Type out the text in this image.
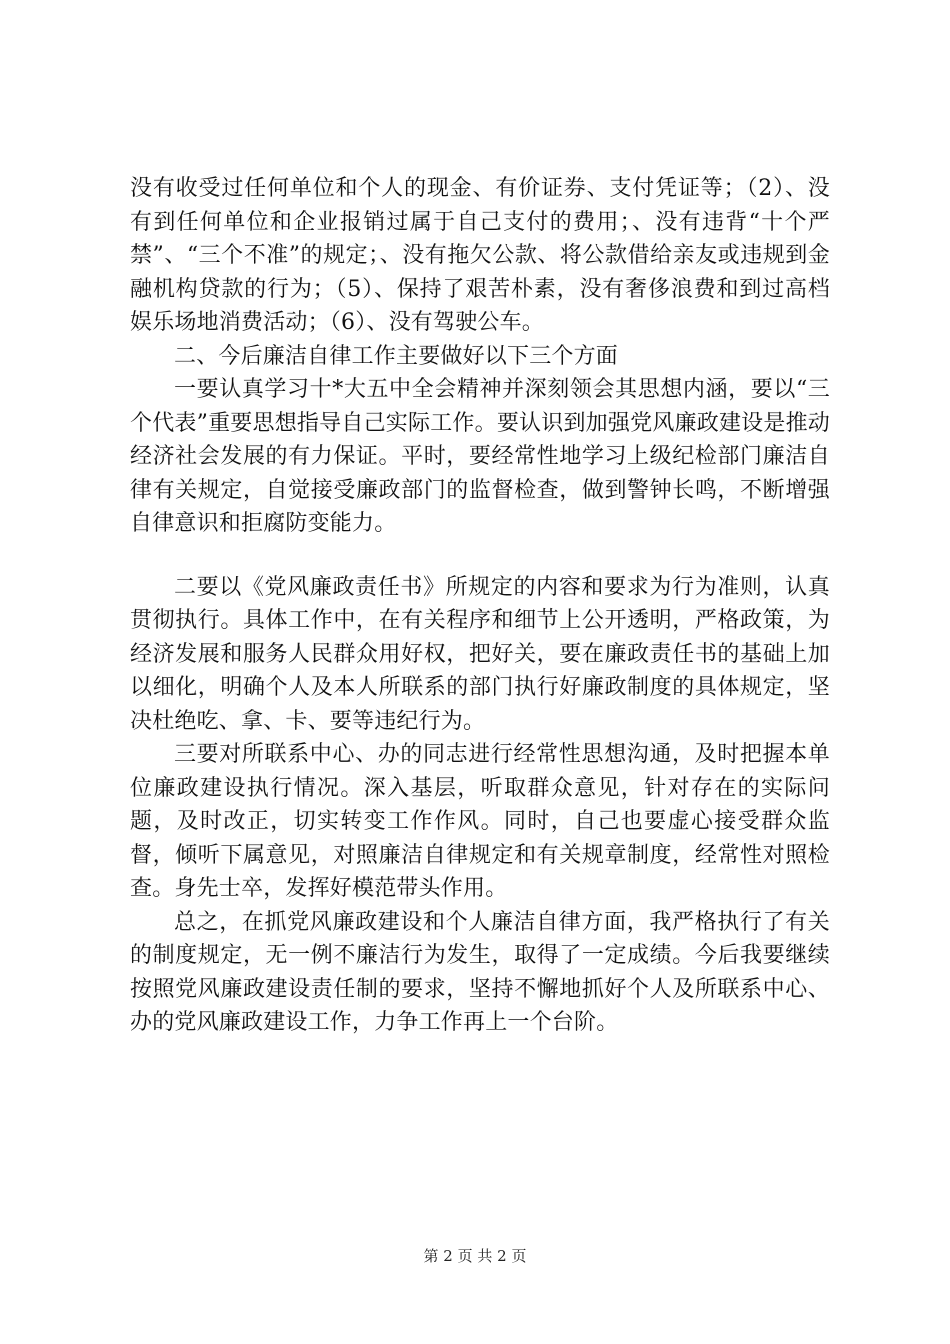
没有收受过任何单位和个人的现金、有价证券、支付凭证等；（2）、没有到任何单位和企业报销过属于自己支付的费用；、没有违背“十个严禁”、“三个不准”的规定；、没有拖欠公款、将公款借给亲友或违规到金融机构贷款的行为；（5）、保持了艰苦朴素，没有奢侈浪费和到过高档娱乐场地消费活动；（6）、没有驾驶公车。

二、今后廉洁自律工作主要做好以下三个方面

一要认真学习十*大五中全会精神并深刻领会其思想内涵，要以“三个代表”重要思想指导自己实际工作。要认识到加强党风廉政建设是推动经济社会发展的有力保证。平时，要经常性地学习上级纪检部门廉洁自律有关规定，自觉接受廉政部门的监督检查，做到警钟长鸣，不断增强自律意识和拒腐防变能力。

二要以《党风廉政责任书》所规定的内容和要求为行为准则，认真贯彻执行。具体工作中，在有关程序和细节上公开透明，严格政策，为经济发展和服务人民群众用好权，把好关，要在廉政责任书的基础上加以细化，明确个人及本人所联系的部门执行好廉政制度的具体规定，坚决杜绝吃、拿、卡、要等违纪行为。

三要对所联系中心、办的同志进行经常性思想沟通，及时把握本单位廉政建设执行情况。深入基层，听取群众意见，针对存在的实际问题，及时改正，切实转变工作作风。同时，自己也要虚心接受群众监督，倾听下属意见，对照廉洁自律规定和有关规章制度，经常性对照检查。身先士卒，发挥好模范带头作用。

总之，在抓党风廉政建设和个人廉洁自律方面，我严格执行了有关的制度规定，无一例不廉洁行为发生，取得了一定成绩。今后我要继续按照党风廉政建设责任制的要求，坚持不懈地抓好个人及所联系中心、办的党风廉政建设工作，力争工作再上一个台阶。

第 2 页 共 2 页
